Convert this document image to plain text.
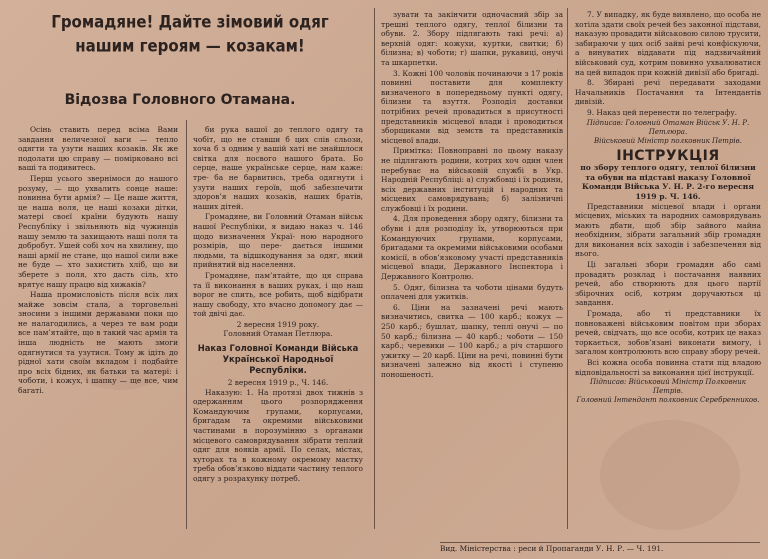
Громадяне! Дайте зімовий одяг
нашим героям — козакам!
Відозва Головного Отамана.

Осінь ставить перед всіма Вами завдання величезної ваги — тепло одягти та узути наших козаків. Як же подолати цю справу — помірковано всі ваші та подивитесь.

Перш усього звернімося до нашого розуму, — що ухвалить сонце наше: повинна бути армія? — Це наше життя, це наша воля, це наші козаки дітки, матері своєї країни будують нашу Республіку і звільняють від чужинців нашу землю та захищають наші поля та добробут. Ушей собі хоч на хвилину, що наші армії не стане, що нашої сили вже не буде — хто захистить хліб, що ви зберете з поля, хто дасть сіль, хто врятує нашу працю від хижаків?

Наша промисловість після всіх лих майже зовсім стала, а торговельні зносини з іншими державами поки що не налагодились, а через те вам роди все пам’ятайте, що в такий час армія та інша людність не мають змоги одягнутися та узутися. Тому ж ідіть до рідної хати своїм вкладом і подбайте про всіх бідних, як батьки та матері: і чоботи, і кожух, і шапку — ще все, чим багаті.

би рука вашої до теплого одягу та чобіт, що не ставши б цих слів сльози, хоча б з одним у вашій хаті не знайшлося світка для посвого нашого брата. Бо серце, наше українське серце, нам каже: тре- ба не барвитись, треба одягнути і узути наших героїв, щоб забезпечити здоров’я наших козаків, наших братів, наших дітей.

Громадяне, ви Головний Отаман військ нашої Республіки, я видаю наказ ч. 146 щодо визначення Украї- ною народного розмірів, що пере- дається іншими людьми, та відшкодування за одяг, який прийнятий від населення.

Громадяне, пам’ятайте, що ця справа та її виконання в ваших руках, і що наш ворог не спить, все робить, щоб відібрати нашу свободу, хто вчасно допомогу дає — той двічі дає.

2 вересня 1919 року.
Головний Отаман Петлюра.
Наказ Головної Команди Війська Української Народньої Республіки.
2 вересня 1919 р., Ч. 146.

Наказую: 1. На протязі двох тижнів з одержанням цього розпорядження Командуючим групами, корпусами, бригадам та окремими військовими частинами в порозумінню з органами місцевого самоврядування зібрати теплий одяг для вояків армії. По селах, містах, хуторах та в кожному окремому маєтку треба обов’язково віддати частину теплого одягу з розрахунку потреб.

зувати та закінчити одночасний збір за трешні теплого одягу, теплої білизни та обуви. 2. Збору підлягають такі речі: а) верхній одяг: кожухи, куртки, свитки; б) білизна; в) чоботи; г) шапки, рукавиці, онучі та шкарпетки.

3. Кожні 100 чоловік починаючи з 17 років повинні поставити для комплекту визначеного в попередньому пункті одягу, білизни та взуття. Розподіл доставки потрібних речей провадиться в присутності представників місцевої влади і проводиться зборщиками від земств та представників місцевої влади.

Примітка: Повноправні по цьому наказу не підлягають родини, котрих хоч один член перебуває на військовій службі в Укр. Народній Республіці: а) службовці і їх родини, всіх державних інституцій і народних та місцевих самоврядувань; б) залізничні службовці і їх родини.

4. Для проведення збору одягу, білизни та обуви і для розподілу їх, утворюються при Командуючих групами, корпусами, бригадами та окремими військовими особами комісії, в обов’язковому участі представників місцевої влади, Державного Інспектора і Державного Контролю.

5. Одяг, білизна та чоботи цінами будуть оплачені для ужитків.

6. Ціни на зазначені речі мають визначитись, свитка — 100 карб.; кожух — 250 карб.; бушлат, шапку, теплі онучі — по 50 карб.; білизна — 40 карб.; чоботи — 150 карб.; черевики — 100 карб.; а річ старшого ужитку — 20 карб. Ціни на речі, повинні бути визначені залежно від якості і ступеню поношеності.

7. У випадку, як буде виявлено, що особа не хотіла здати своїх речей без законної підстави, наказую провадити військовою силою трусити, забираючи у цих осіб зайві речі конфіскуючи, а винуватих віддавати під надзвичайний військовий суд, котрим повинно ухвалюватися на цей випадок при кожній дивізії або бригаді.

8. Збирані речі передавати заходами Начальників Постачання та Інтендантів дивізій.

9. Наказ цей перенести по телеграфу.

Підписав: Головний Отаман Військ У. Н. Р. Петлюра.
Військовий Міністр полковник Петрів.
ІНСТРУКЦІЯ
по збору теплого одягу, теплої білизни та обуви на підставі наказу Головної Команди Війська У. Н. Р. 2-го вересня 1919 р. Ч. 146.

Представники місцевої влади і органи місцевих, міських та народних самоврядувань мають дбати, щоб збір зайвого майна необхідним, зібрати загальний збір громадян для виконання всіх заходів і забезпечення від нього.

Ці загальні збори громадян або самі провадять розклад і постачання наявних речей, або створюють для цього партії збірочних осіб, котрим доручаються ці завдання.

Громада, або ті представники їх повноважені військовим повітом при зборах речей, свідчать, що все особи, котрих це наказ торкається, зобов’язані виконати вимогу, і загалом контролюють всю справу збору речей.

Всі кожна особа повинна стати під владою відповідальності за виконання цієї інструкції.

Підписав: Військовий Міністр Полковник Петрів.
Головний Інтендант полковник Серебренников.
Вид. Міністерства : реси й Пропаганди У. Н. Р. — Ч. 191.
